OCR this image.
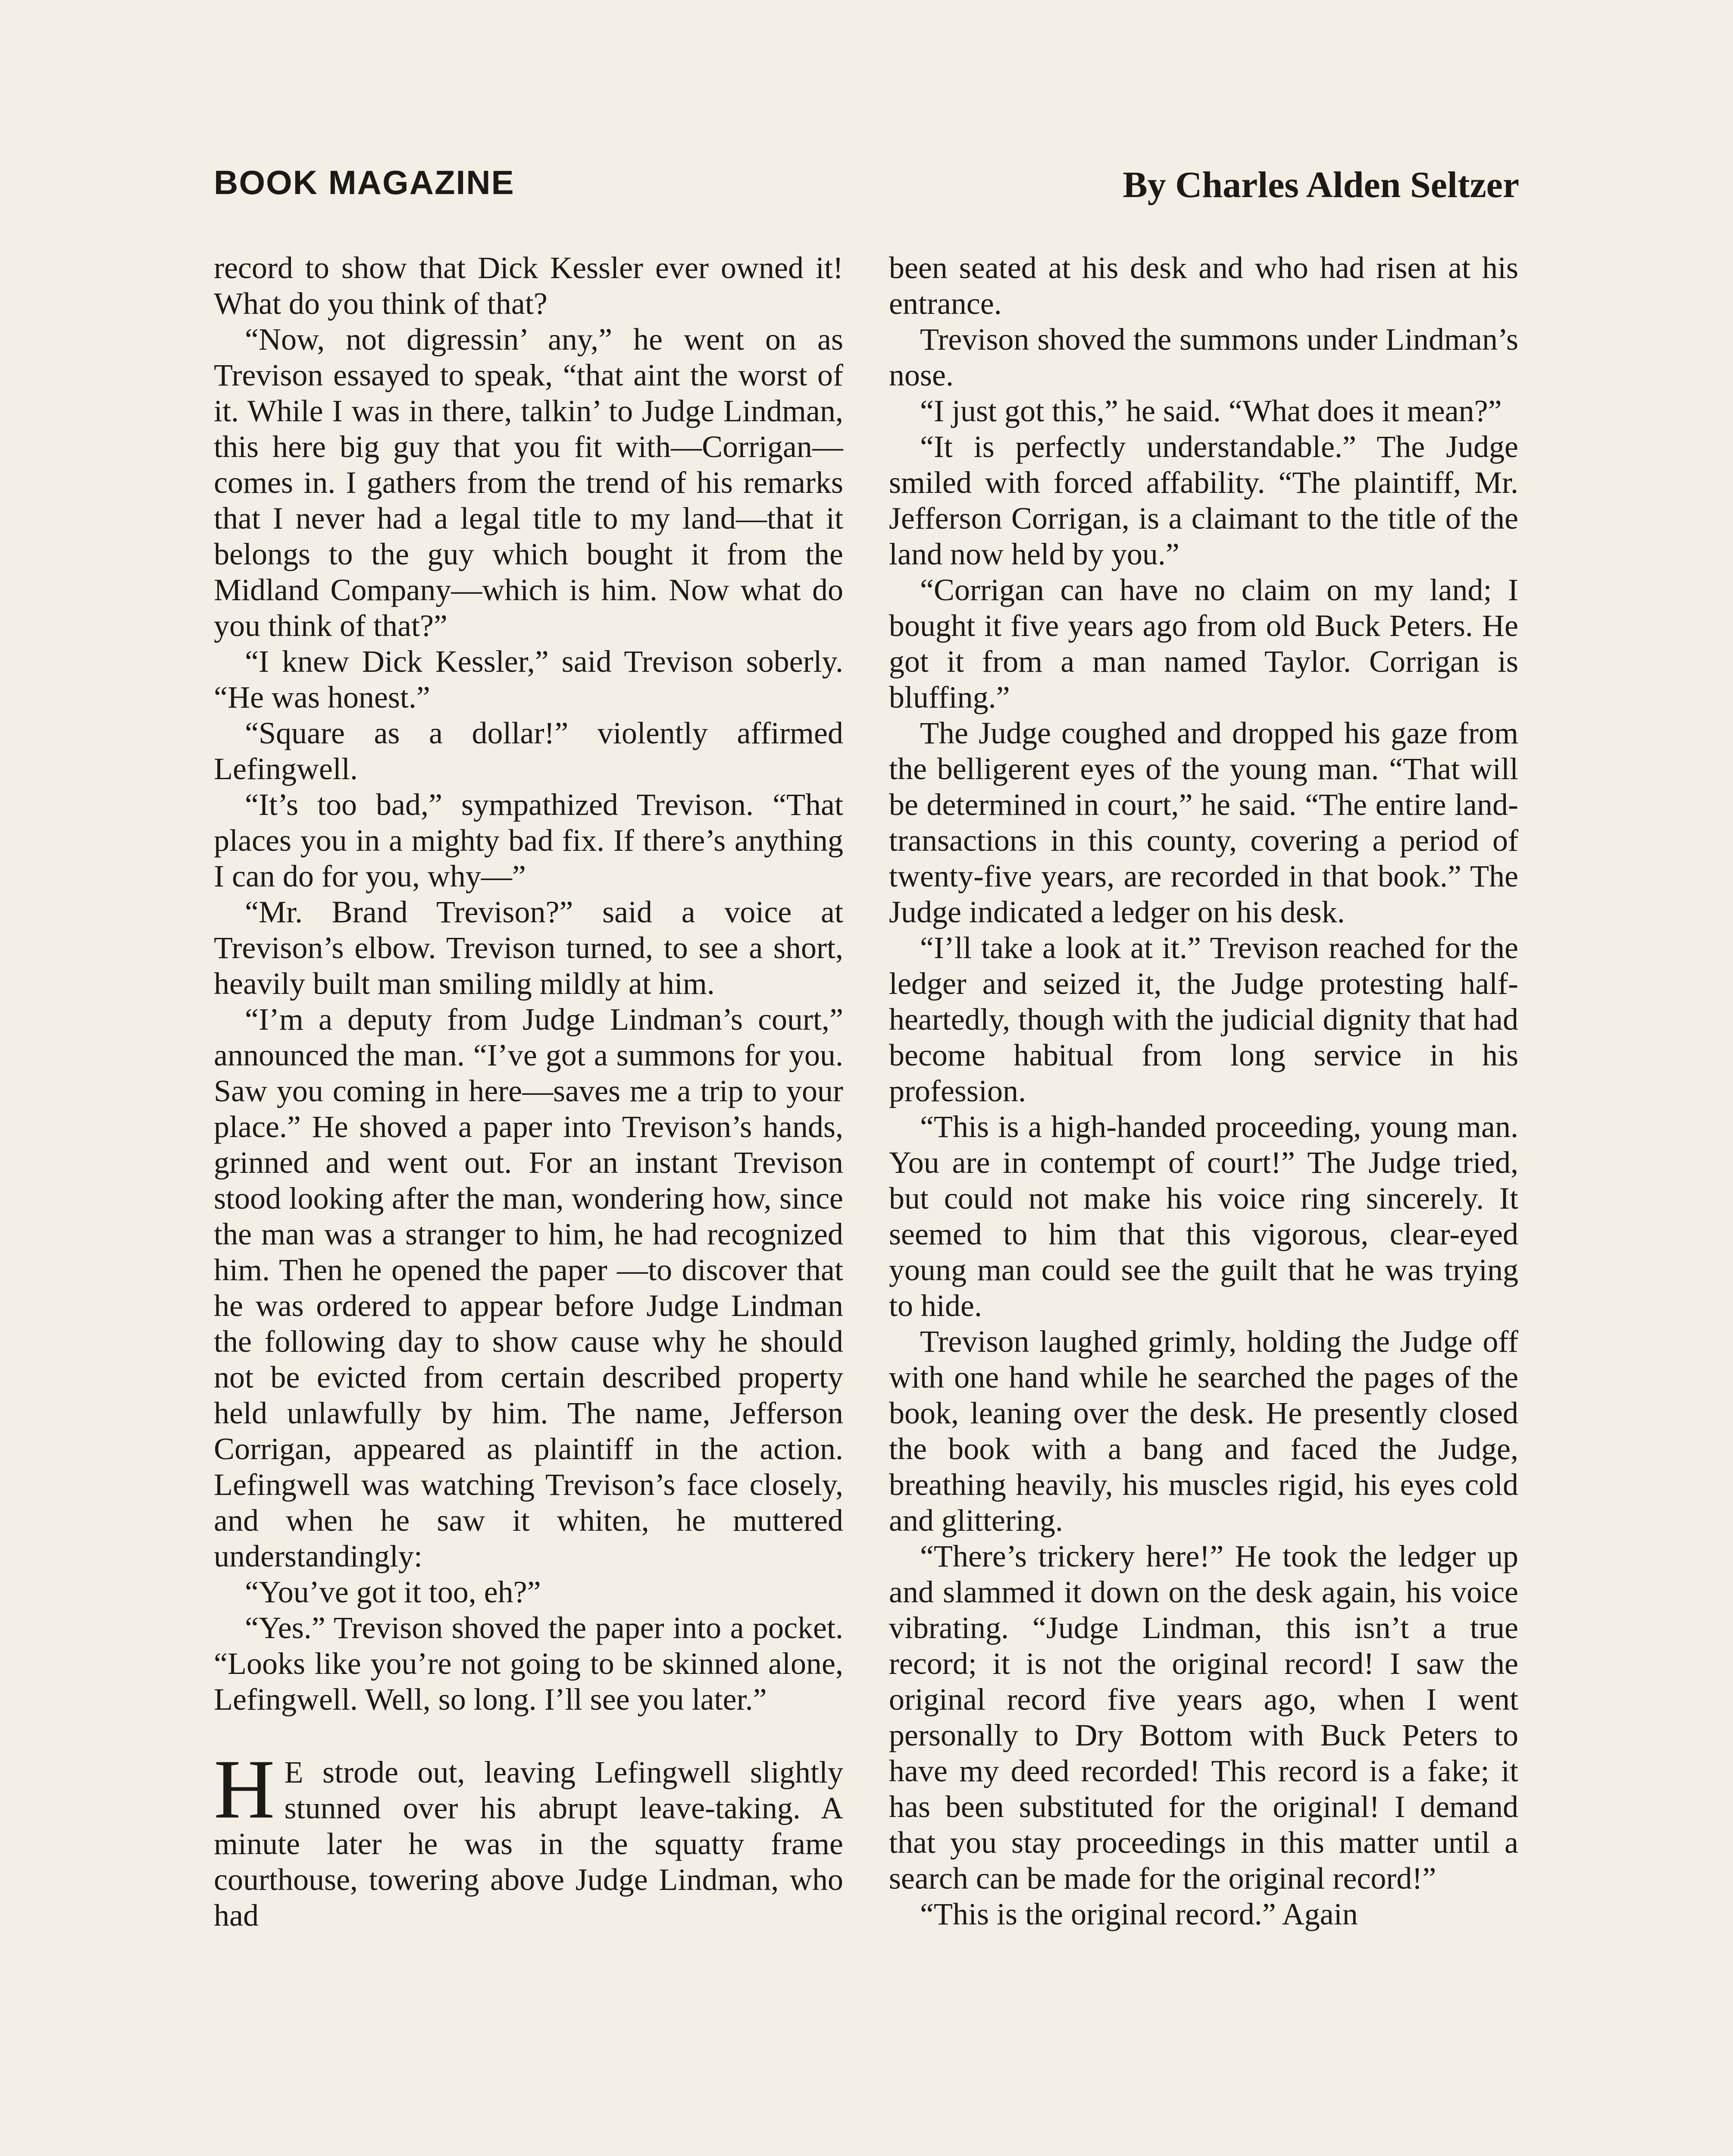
BOOK MAGAZINE	By Charles Alden Seltzer

record to show that Dick Kessler ever owned it! What do you think of that?

“Now, not digressin’ any,” he went on as Trevison essayed to speak, “that aint the worst of it. While I was in there, talkin’ to Judge Lindman, this here big guy that you fit with—Corrigan—comes in. I gathers from the trend of his remarks that I never had a legal title to my land—that it belongs to the guy which bought it from the Midland Company—which is him. Now what do you think of that?”

“I knew Dick Kessler,” said Trevison soberly. “He was honest.”

“Square as a dollar!” violently affirmed Lefingwell.

“It’s too bad,” sympathized Trevison. “That places you in a mighty bad fix. If there’s anything I can do for you, why—”

“Mr. Brand Trevison?” said a voice at Trevison’s elbow. Trevison turned, to see a short, heavily built man smiling mildly at him.

“I’m a deputy from Judge Lindman’s court,” announced the man. “I’ve got a summons for you. Saw you coming in here—saves me a trip to your place.” He shoved a paper into Trevison’s hands, grinned and went out. For an instant Trevison stood looking after the man, wondering how, since the man was a stranger to him, he had recognized him. Then he opened the paper —to discover that he was ordered to appear before Judge Lindman the following day to show cause why he should not be evicted from certain described property held unlawfully by him. The name, Jefferson Corrigan, appeared as plaintiff in the action. Lefingwell was watching Trevison’s face closely, and when he saw it whiten, he muttered understandingly:

“You’ve got it too, eh?”

“Yes.” Trevison shoved the paper into a pocket. “Looks like you’re not going to be skinned alone, Lefingwell. Well, so long. I’ll see you later.”

H E strode out, leaving Lefingwell slightly stunned over his abrupt leave-taking. A minute later he was in the squatty frame courthouse, towering above Judge Lindman, who had

been seated at his desk and who had risen at his entrance.

Trevison shoved the summons under Lindman’s nose.

“I just got this,” he said. “What does it mean?”

“It is perfectly understandable.” The Judge smiled with forced affability. “The plaintiff, Mr. Jefferson Corrigan, is a claimant to the title of the land now held by you.”

“Corrigan can have no claim on my land; I bought it five years ago from old Buck Peters. He got it from a man named Taylor. Corrigan is bluffing.”

The Judge coughed and dropped his gaze from the belligerent eyes of the young man. “That will be determined in court,” he said. “The entire land-transactions in this county, covering a period of twenty-five years, are recorded in that book.” The Judge indicated a ledger on his desk.

“I’ll take a look at it.” Trevison reached for the ledger and seized it, the Judge protesting half-heartedly, though with the judicial dignity that had become habitual from long service in his profession.

“This is a high-handed proceeding, young man. You are in contempt of court!” The Judge tried, but could not make his voice ring sincerely. It seemed to him that this vigorous, clear-eyed young man could see the guilt that he was trying to hide.

Trevison laughed grimly, holding the Judge off with one hand while he searched the pages of the book, leaning over the desk. He presently closed the book with a bang and faced the Judge, breathing heavily, his muscles rigid, his eyes cold and glittering.

“There’s trickery here!” He took the ledger up and slammed it down on the desk again, his voice vibrating. “Judge Lindman, this isn’t a true record; it is not the original record! I saw the original record five years ago, when I went personally to Dry Bottom with Buck Peters to have my deed recorded! This record is a fake; it has been substituted for the original! I demand that you stay proceedings in this matter until a search can be made for the original record!”

“This is the original record.” Again
